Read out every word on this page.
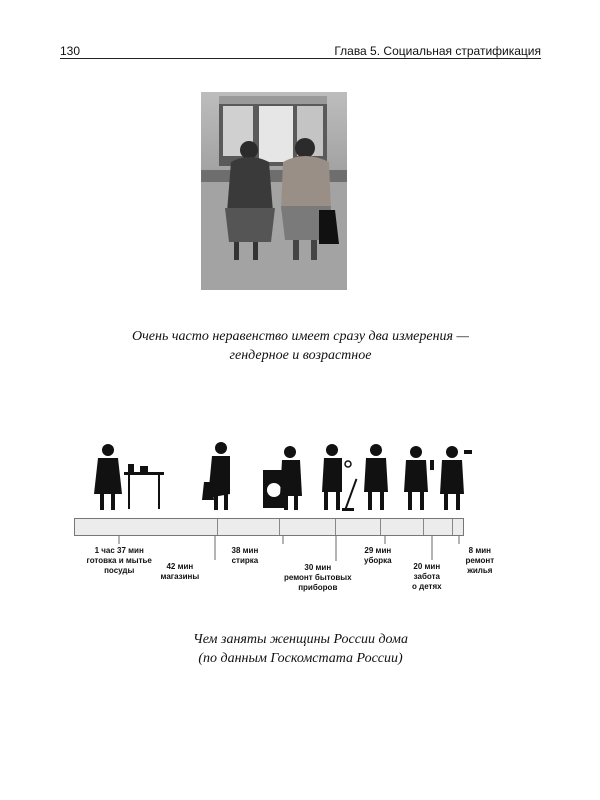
130	Глава 5. Социальная стратификация
Очень часто неравенство имеет сразу два измерения —
гендерное и возрастное
1 час 37 мин
готовка и мытье
посуды	42 мин
магазины
38 мин
стирка
30 мин
ремонт бытовых
приборов
29 мин
уборка
20 мин
забота
о детях
8 мин
ремонт
жилья
Чем заняты женщины России дома
(по данным Госкомстата России)
